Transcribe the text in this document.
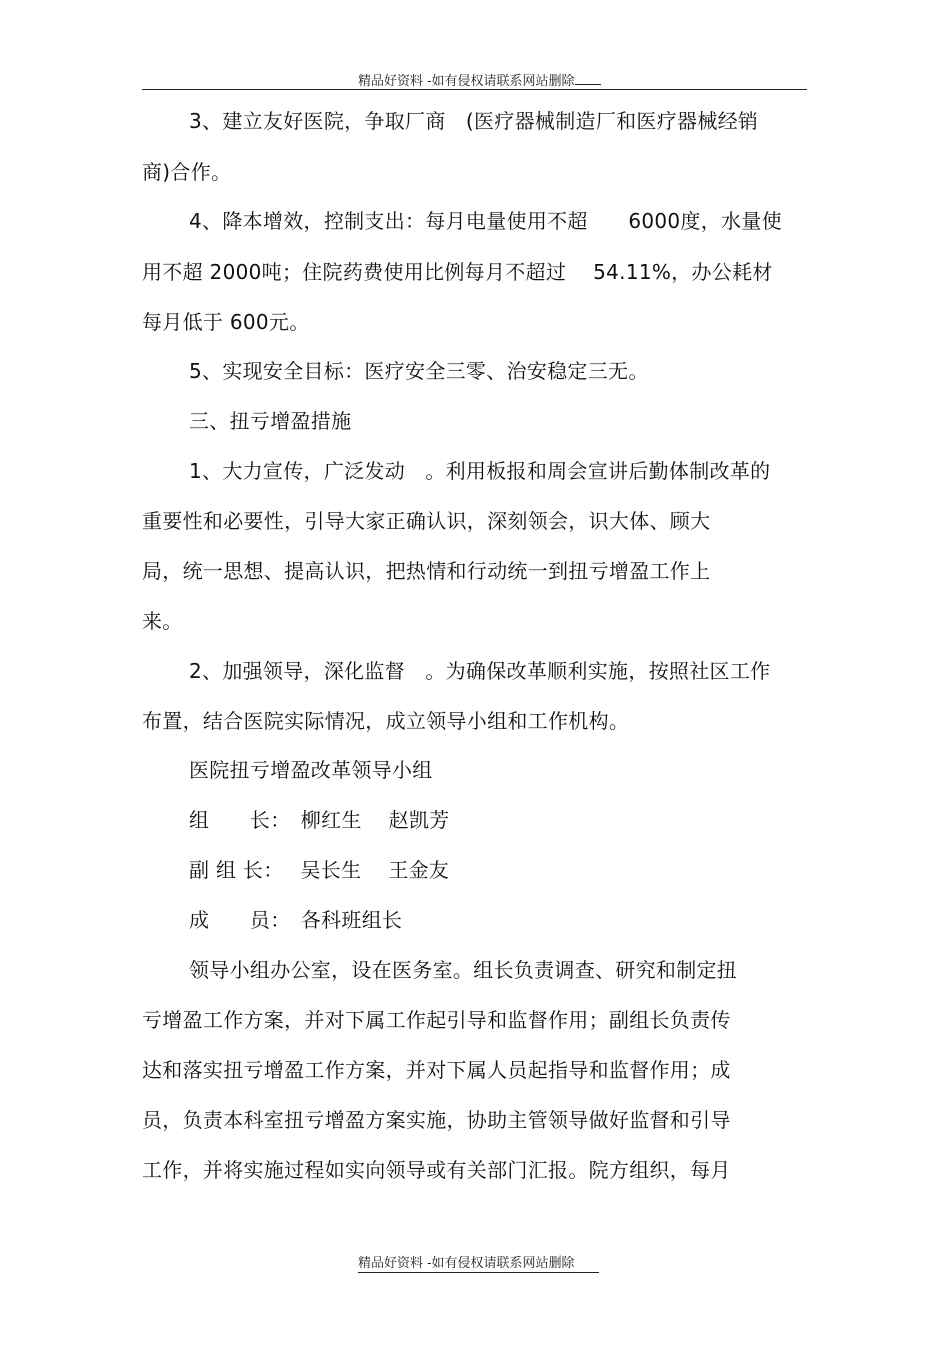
精品好资料 -如有侵权请联系网站删除
3、建立友好医院，争取厂商　(医疗器械制造厂和医疗器械经销
商)合作。
4、降本增效，控制支出：每月电量使用不超　　6000度，水量使
用不超 2000吨；住院药费使用比例每月不超过　 54.11%，办公耗材
每月低于 600元。
5、实现安全目标：医疗安全三零、治安稳定三无。
三、扭亏增盈措施
1、大力宣传，广泛发动　。利用板报和周会宣讲后勤体制改革的
重要性和必要性，引导大家正确认识，深刻领会，识大体、顾大
局，统一思想、提高认识，把热情和行动统一到扭亏增盈工作上
来。
2、加强领导，深化监督　。为确保改革顺利实施，按照社区工作
布置，结合医院实际情况，成立领导小组和工作机构。
医院扭亏增盈改革领导小组
组　　长：　柳红生　 赵凯芳
副 组 长：　 吴长生　 王金友
成　　员：　各科班组长
领导小组办公室，设在医务室。组长负责调查、研究和制定扭
亏增盈工作方案，并对下属工作起引导和监督作用；副组长负责传
达和落实扭亏增盈工作方案，并对下属人员起指导和监督作用；成
员，负责本科室扭亏增盈方案实施，协助主管领导做好监督和引导
工作，并将实施过程如实向领导或有关部门汇报。院方组织，每月
精品好资料 -如有侵权请联系网站删除
